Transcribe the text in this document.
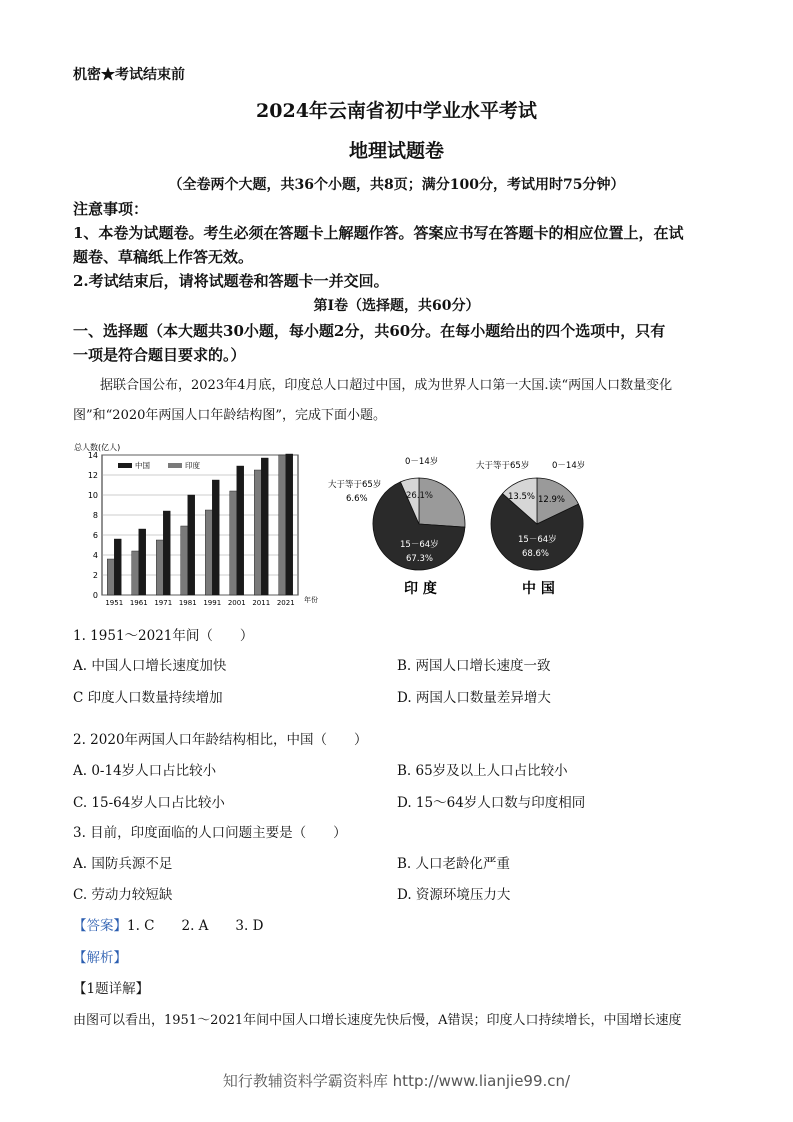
机密★考试结束前
2024年云南省初中学业水平考试
地理试题卷
（全卷两个大题，共36个小题，共8页；满分100分，考试用时75分钟）
注意事项：
1、本卷为试题卷。考生必须在答题卡上解题作答。答案应书写在答题卡的相应位置上，在试
题卷、草稿纸上作答无效。
2.考试结束后，请将试题卷和答题卡一并交回。
第Ⅰ卷（选择题，共60分）
一、选择题（本大题共30小题，每小题2分，共60分。在每小题给出的四个选项中，只有
一项是符合题目要求的。）
据联合国公布，2023年4月底，印度总人口超过中国，成为世界人口第一大国.读“两国人口数量变化
图”和“2020年两国人口年龄结构图”，完成下面小题。
总人数(亿人)
年份
0
2
4
6
8
10
12
14
1951 1961 1971 1981 1991 2001 2011 2021
中国	印度	0－14岁
大于等于65岁
6.6%	26.1%
15－64岁
67.3%
印 度
大于等于65岁	0－14岁
13.5% 12.9%
15－64岁
68.6%
中 国
1. 1951～2021年间（　　）
A. 中国人口增长速度加快	B. 两国人口增长速度一致
C 印度人口数量持续增加	D. 两国人口数量差异增大
2. 2020年两国人口年龄结构相比，中国（　　）
A. 0-14岁人口占比较小	B. 65岁及以上人口占比较小
C. 15-64岁人口占比较小	D. 15～64岁人口数与印度相同
3. 目前，印度面临的人口问题主要是（　　）
A. 国防兵源不足	B. 人口老龄化严重
C. 劳动力较短缺	D. 资源环境压力大
【答案】1. C　　2. A　　3. D
【解析】
【1题详解】
由图可以看出，1951～2021年间中国人口增长速度先快后慢，A错误；印度人口持续增长，中国增长速度
知行教辅资料学霸资料库 http://www.lianjie99.cn/
